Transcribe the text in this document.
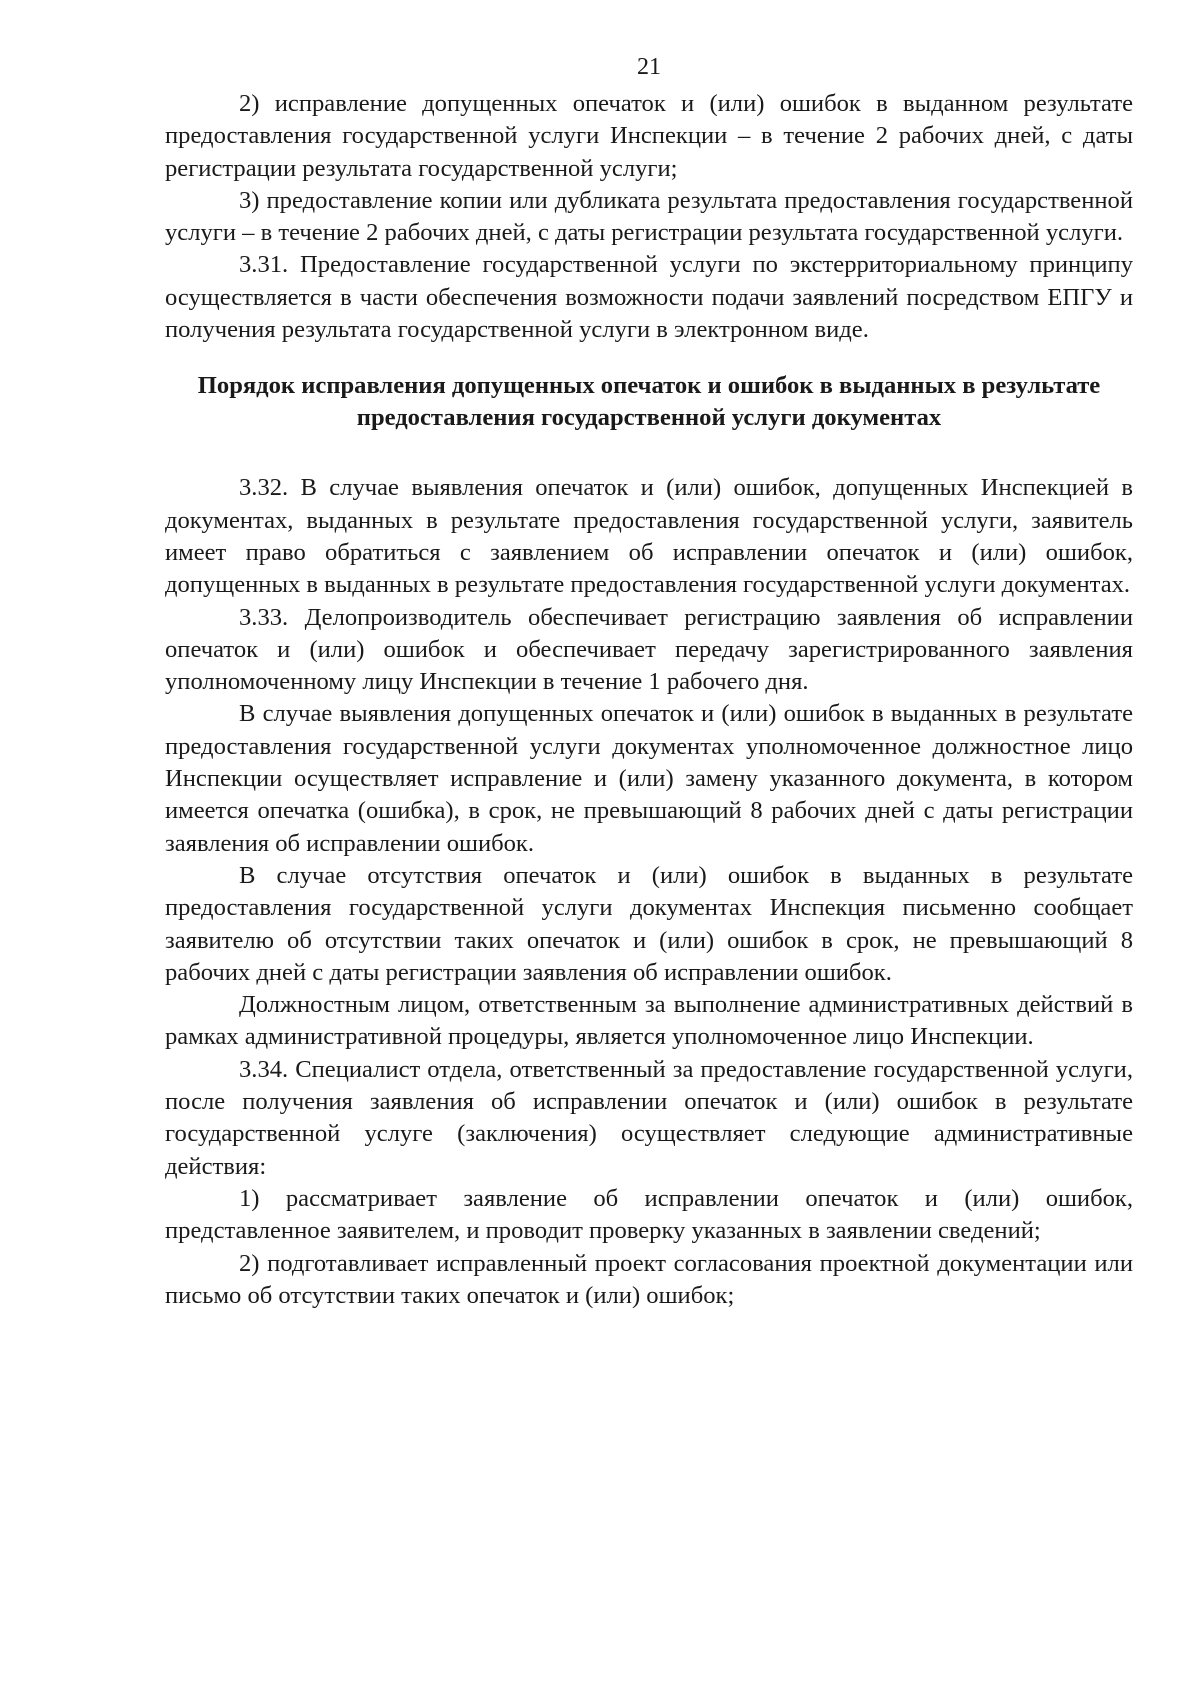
21

2) исправление допущенных опечаток и (или) ошибок в выданном результате предоставления государственной услуги Инспекции – в течение 2 рабочих дней, с даты регистрации результата государственной услуги;

3) предоставление копии или дубликата результата предоставления государственной услуги – в течение 2 рабочих дней, с даты регистрации результата государственной услуги.

3.31. Предоставление государственной услуги по экстерриториальному принципу осуществляется в части обеспечения возможности подачи заявлений посредством ЕПГУ и получения результата государственной услуги в электронном виде.

Порядок исправления допущенных опечаток и ошибок в выданных в результате предоставления государственной услуги документах

3.32. В случае выявления опечаток и (или) ошибок, допущенных Инспекцией в документах, выданных в результате предоставления государственной услуги, заявитель имеет право обратиться с заявлением об исправлении опечаток и (или) ошибок, допущенных в выданных в результате предоставления государственной услуги документах.

3.33. Делопроизводитель обеспечивает регистрацию заявления об исправлении опечаток и (или) ошибок и обеспечивает передачу зарегистрированного заявления уполномоченному лицу Инспекции в течение 1 рабочего дня.

В случае выявления допущенных опечаток и (или) ошибок в выданных в результате предоставления государственной услуги документах уполномоченное должностное лицо Инспекции осуществляет исправление и (или) замену указанного документа, в котором имеется опечатка (ошибка), в срок, не превышающий 8 рабочих дней с даты регистрации заявления об исправлении ошибок.

В случае отсутствия опечаток и (или) ошибок в выданных в результате предоставления государственной услуги документах Инспекция письменно сообщает заявителю об отсутствии таких опечаток и (или) ошибок в срок, не превышающий 8 рабочих дней с даты регистрации заявления об исправлении ошибок.

Должностным лицом, ответственным за выполнение административных действий в рамках административной процедуры, является уполномоченное лицо Инспекции.

3.34. Специалист отдела, ответственный за предоставление государственной услуги, после получения заявления об исправлении опечаток и (или) ошибок в результате государственной услуге (заключения) осуществляет следующие административные действия:

1) рассматривает заявление об исправлении опечаток и (или) ошибок, представленное заявителем, и проводит проверку указанных в заявлении сведений;

2) подготавливает исправленный проект согласования проектной документации или письмо об отсутствии таких опечаток и (или) ошибок;
